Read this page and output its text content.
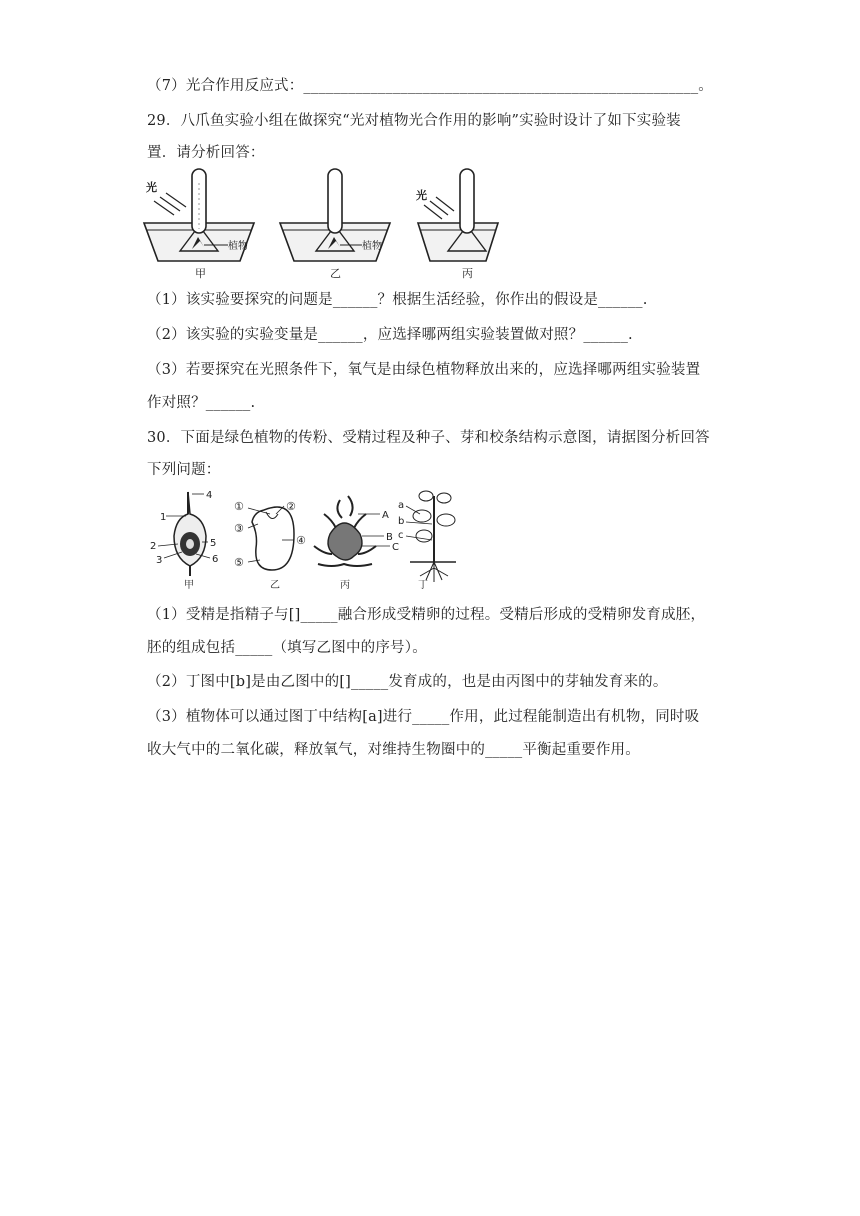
（7）光合作用反应式：_____________________________________________________。
29．八爪鱼实验小组在做探究“光对植物光合作用的影响”实验时设计了如下实验装
置．请分析回答：
光
植物
甲
植物
乙
光
丙
（1）该实验要探究的问题是______？根据生活经验，你作出的假设是______.
（2）该实验的实验变量是______，应选择哪两组实验装置做对照？______.
（3）若要探究在光照条件下，氧气是由绿色植物释放出来的，应选择哪两组实验装置
作对照？______.
30．下面是绿色植物的传粉、受精过程及种子、芽和校条结构示意图，请据图分析回答
下列问题：
4
1
2
3
5
6
甲
①	②
③
④
⑤
乙
A
B
C
丙
a
b
c
丁
（1）受精是指精子与[]_____融合形成受精卵的过程。受精后形成的受精卵发育成胚，
胚的组成包括_____（填写乙图中的序号）。
（2）丁图中[b]是由乙图中的[]_____发育成的，也是由丙图中的芽轴发育来的。
（3）植物体可以通过图丁中结构[a]进行_____作用，此过程能制造出有机物，同时吸
收大气中的二氧化碳，释放氧气，对维持生物圈中的_____平衡起重要作用。
